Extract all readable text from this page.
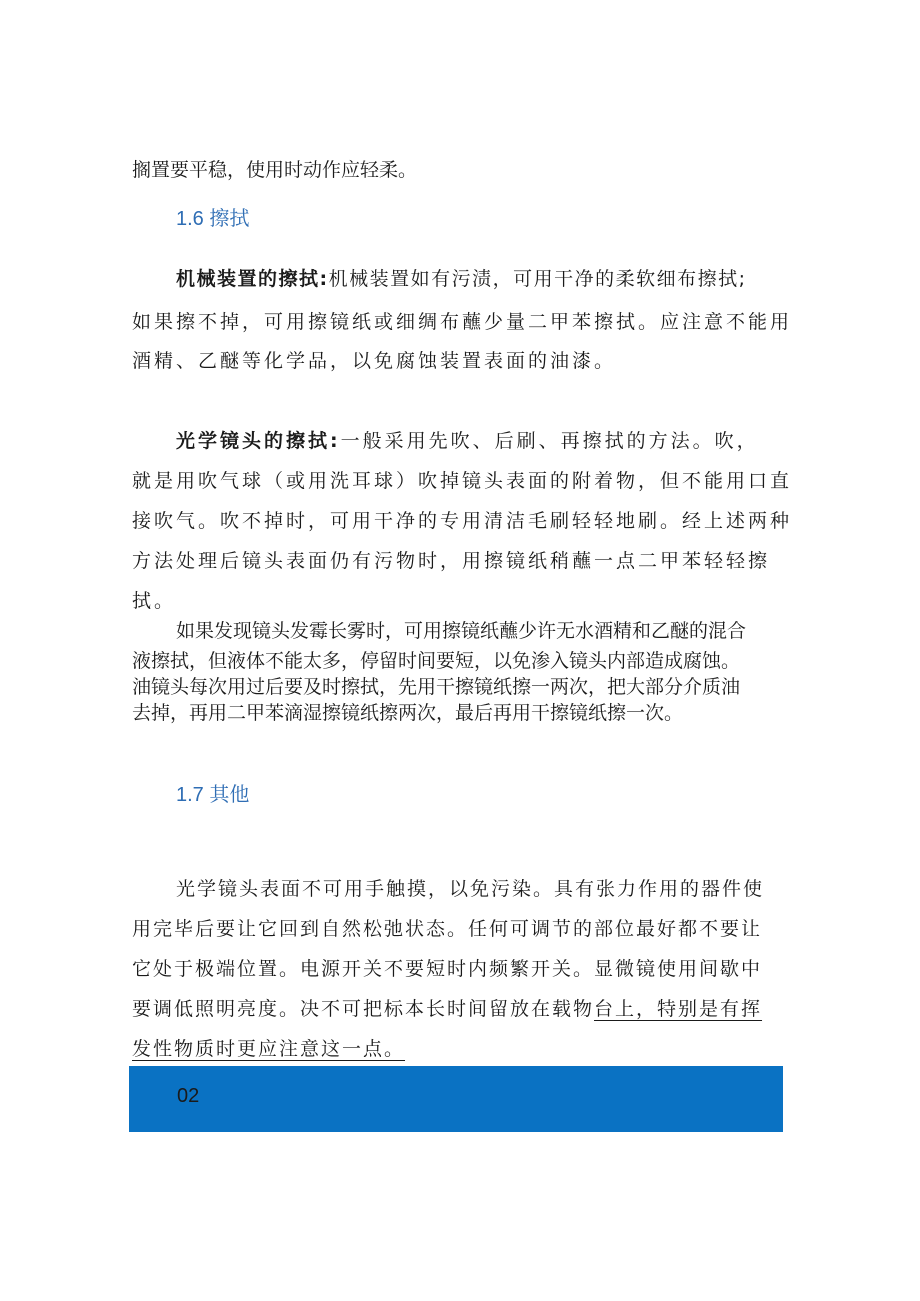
搁置要平稳，使用时动作应轻柔。
1.6 擦拭
机械装置的擦拭:机械装置如有污渍，可用干净的柔软细布擦拭;
如果擦不掉，可用擦镜纸或细绸布蘸少量二甲苯擦拭。应注意不能用
酒精、乙醚等化学品，以免腐蚀装置表面的油漆。
光学镜头的擦拭:一般采用先吹、后刷、再擦拭的方法。吹，
就是用吹气球（或用洗耳球）吹掉镜头表面的附着物，但不能用口直
接吹气。吹不掉时，可用干净的专用清洁毛刷轻轻地刷。经上述两种
方法处理后镜头表面仍有污物时，用擦镜纸稍蘸一点二甲苯轻轻擦
拭。
如果发现镜头发霉长雾时，可用擦镜纸蘸少许无水酒精和乙醚的混合
液擦拭，但液体不能太多，停留时间要短，以免渗入镜头内部造成腐蚀。
油镜头每次用过后要及时擦拭，先用干擦镜纸擦一两次，把大部分介质油
去掉，再用二甲苯滴湿擦镜纸擦两次，最后再用干擦镜纸擦一次。
1.7 其他
光学镜头表面不可用手触摸，以免污染。具有张力作用的器件使
用完毕后要让它回到自然松弛状态。任何可调节的部位最好都不要让
它处于极端位置。电源开关不要短时内频繁开关。显微镜使用间歇中
要调低照明亮度。决不可把标本长时间留放在载物台上，特别是有挥
发性物质时更应注意这一点。
02
